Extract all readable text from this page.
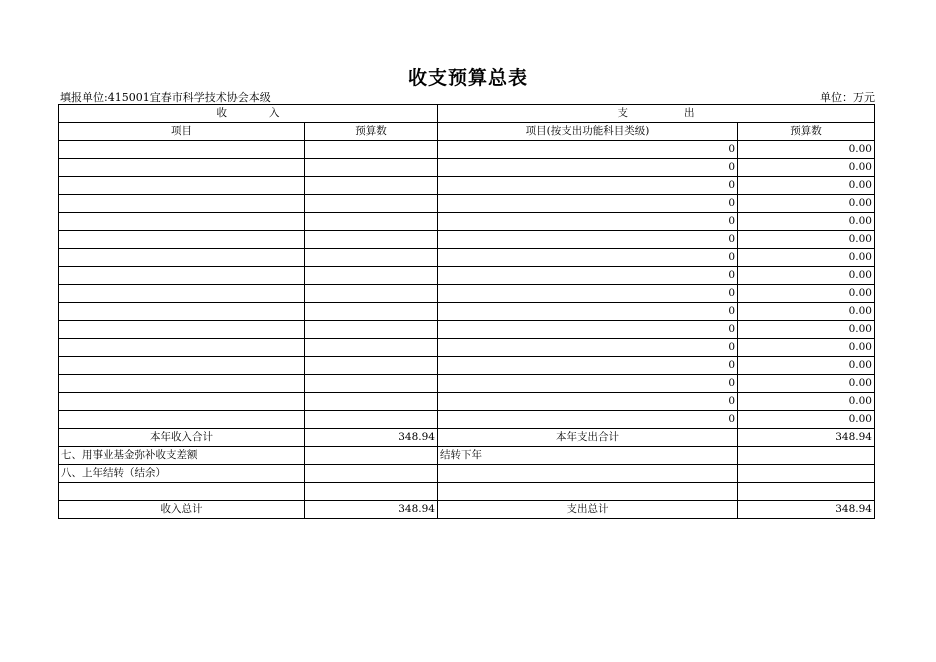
收支预算总表
填报单位:415001宜春市科学技术协会本级	单位：万元
收 入		支 出	
项目	预算数	项目(按支出功能科目类级)	预算数
		0	0.00
		0	0.00
		0	0.00
		0	0.00
		0	0.00
		0	0.00
		0	0.00
		0	0.00
		0	0.00
		0	0.00
		0	0.00
		0	0.00
		0	0.00
		0	0.00
		0	0.00
		0	0.00
本年收入合计	348.94	本年支出合计	348.94
七、用事业基金弥补收支差额		结转下年	
八、上年结转（结余）			

收入总计	348.94	支出总计	348.94
